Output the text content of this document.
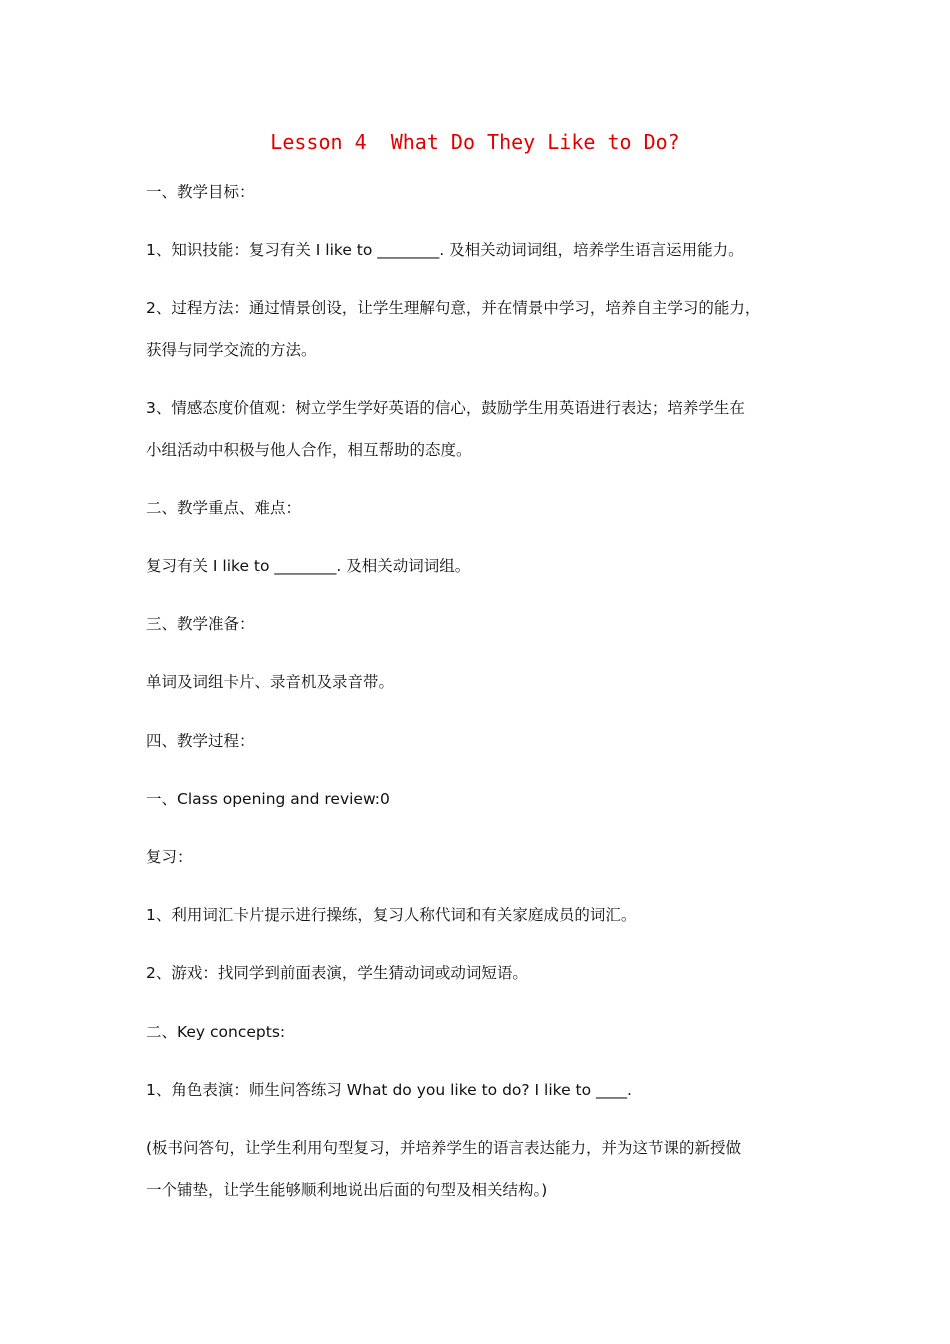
Lesson 4  What Do They Like to Do?
一、教学目标：
1、知识技能：复习有关 I like to ________. 及相关动词词组，培养学生语言运用能力。
2、过程方法：通过情景创设，让学生理解句意，并在情景中学习，培养自主学习的能力，
获得与同学交流的方法。
3、情感态度价值观：树立学生学好英语的信心，鼓励学生用英语进行表达；培养学生在
小组活动中积极与他人合作，相互帮助的态度。
二、教学重点、难点：
复习有关 I like to ________. 及相关动词词组。
三、教学准备：
单词及词组卡片、录音机及录音带。
四、教学过程：
一、Class opening and review:0
复习：
1、利用词汇卡片提示进行操练，复习人称代词和有关家庭成员的词汇。
2、游戏：找同学到前面表演，学生猜动词或动词短语。
二、Key concepts:
1、角色表演：师生问答练习 What do you like to do? I like to ____.
(板书问答句，让学生利用句型复习，并培养学生的语言表达能力，并为这节课的新授做
一个铺垫，让学生能够顺利地说出后面的句型及相关结构。)
